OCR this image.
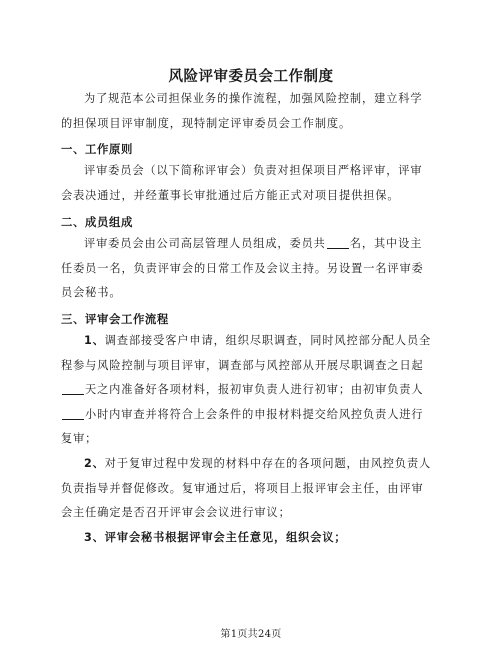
风险评审委员会工作制度
为了规范本公司担保业务的操作流程，加强风险控制，建立科学
的担保项目评审制度，现特制定评审委员会工作制度。
一、工作原则
评审委员会（以下简称评审会）负责对担保项目严格评审，评审
会表决通过，并经董事长审批通过后方能正式对项目提供担保。
二、成员组成
评审委员会由公司高层管理人员组成，委员共 名，其中设主
任委员一名，负责评审会的日常工作及会议主持。另设置一名评审委
员会秘书。
三、评审会工作流程
1、调查部接受客户申请，组织尽职调查，同时风控部分配人员全
程参与风险控制与项目评审，调查部与风控部从开展尽职调查之日起
天之内准备好各项材料，报初审负责人进行初审；由初审负责人
小时内审查并将符合上会条件的申报材料提交给风控负责人进行
复审；
2、对于复审过程中发现的材料中存在的各项问题，由风控负责人
负责指导并督促修改。复审通过后，将项目上报评审会主任，由评审
会主任确定是否召开评审会会议进行审议；
3、评审会秘书根据评审会主任意见，组织会议；
第1页共24页
